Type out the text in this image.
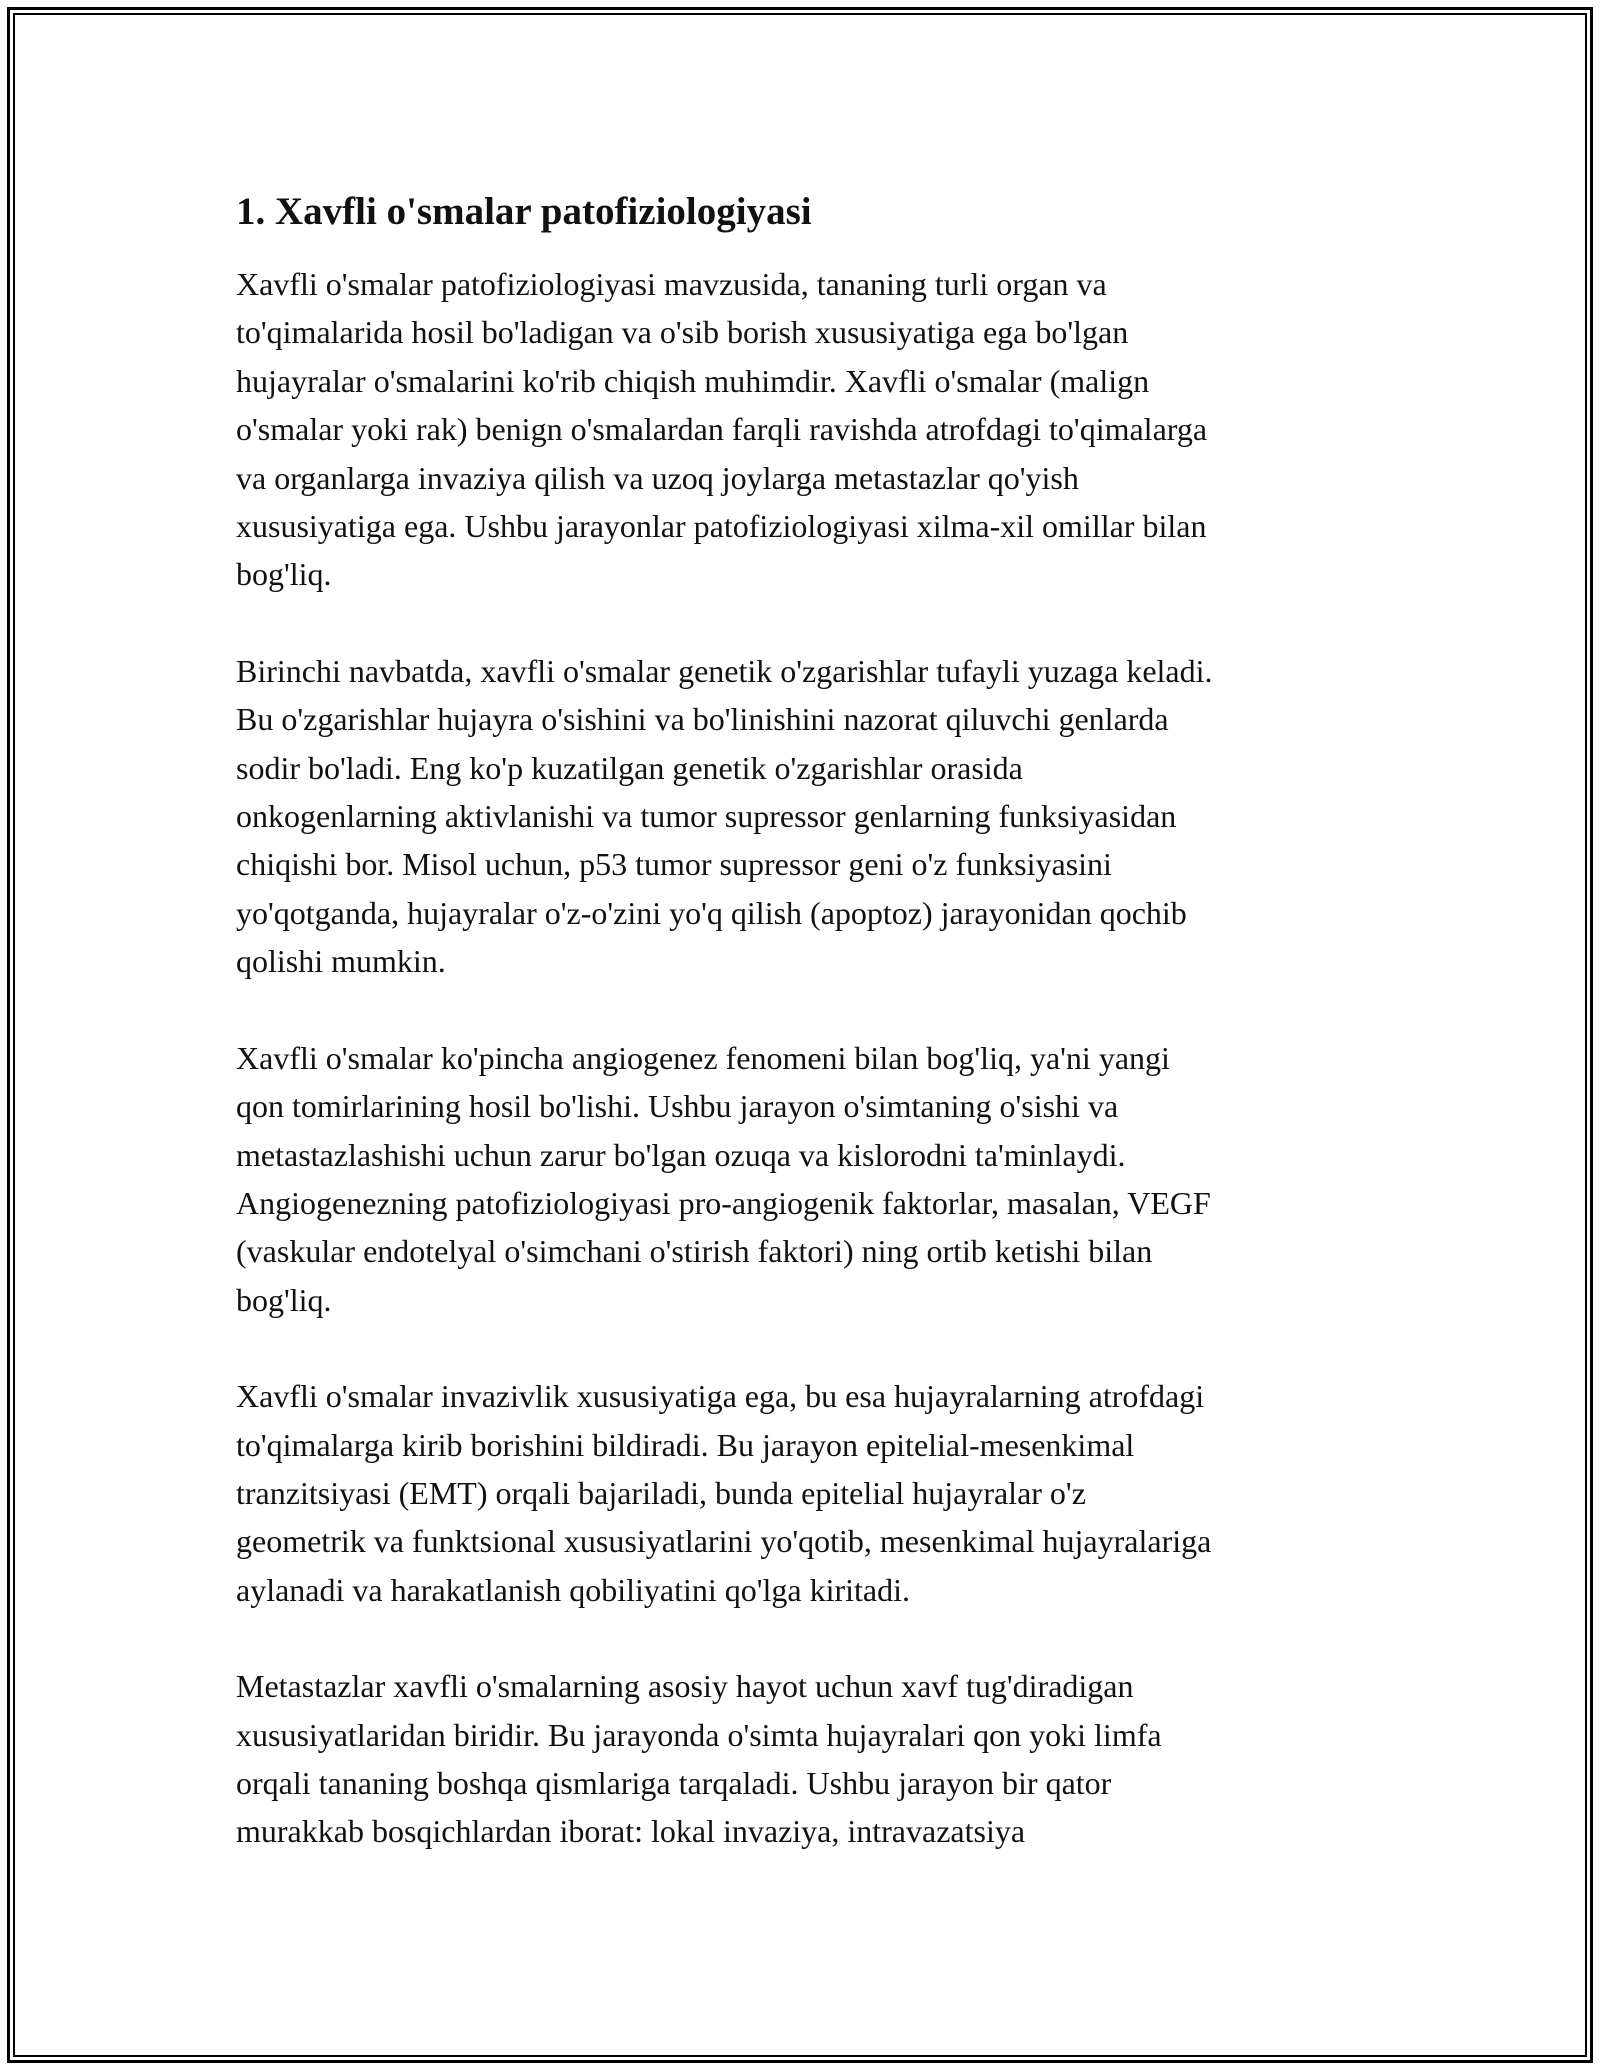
1. Xavfli o'smalar patofiziologiyasi

Xavfli o'smalar patofiziologiyasi mavzusida, tananing turli organ va
to'qimalarida hosil bo'ladigan va o'sib borish xususiyatiga ega bo'lgan
hujayralar o'smalarini ko'rib chiqish muhimdir. Xavfli o'smalar (malign
o'smalar yoki rak) benign o'smalardan farqli ravishda atrofdagi to'qimalarga
va organlarga invaziya qilish va uzoq joylarga metastazlar qo'yish
xususiyatiga ega. Ushbu jarayonlar patofiziologiyasi xilma-xil omillar bilan
bog'liq.

Birinchi navbatda, xavfli o'smalar genetik o'zgarishlar tufayli yuzaga keladi.
Bu o'zgarishlar hujayra o'sishini va bo'linishini nazorat qiluvchi genlarda
sodir bo'ladi. Eng ko'p kuzatilgan genetik o'zgarishlar orasida
onkogenlarning aktivlanishi va tumor supressor genlarning funksiyasidan
chiqishi bor. Misol uchun, p53 tumor supressor geni o'z funksiyasini
yo'qotganda, hujayralar o'z-o'zini yo'q qilish (apoptoz) jarayonidan qochib
qolishi mumkin.

Xavfli o'smalar ko'pincha angiogenez fenomeni bilan bog'liq, ya'ni yangi
qon tomirlarining hosil bo'lishi. Ushbu jarayon o'simtaning o'sishi va
metastazlashishi uchun zarur bo'lgan ozuqa va kislorodni ta'minlaydi.
Angiogenezning patofiziologiyasi pro-angiogenik faktorlar, masalan, VEGF
(vaskular endotelyal o'simchani o'stirish faktori) ning ortib ketishi bilan
bog'liq.

Xavfli o'smalar invazivlik xususiyatiga ega, bu esa hujayralarning atrofdagi
to'qimalarga kirib borishini bildiradi. Bu jarayon epitelial-mesenkimal
tranzitsiyasi (EMT) orqali bajariladi, bunda epitelial hujayralar o'z
geometrik va funktsional xususiyatlarini yo'qotib, mesenkimal hujayralariga
aylanadi va harakatlanish qobiliyatini qo'lga kiritadi.

Metastazlar xavfli o'smalarning asosiy hayot uchun xavf tug'diradigan
xususiyatlaridan biridir. Bu jarayonda o'simta hujayralari qon yoki limfa
orqali tananing boshqa qismlariga tarqaladi. Ushbu jarayon bir qator
murakkab bosqichlardan iborat: lokal invaziya, intravazatsiya
